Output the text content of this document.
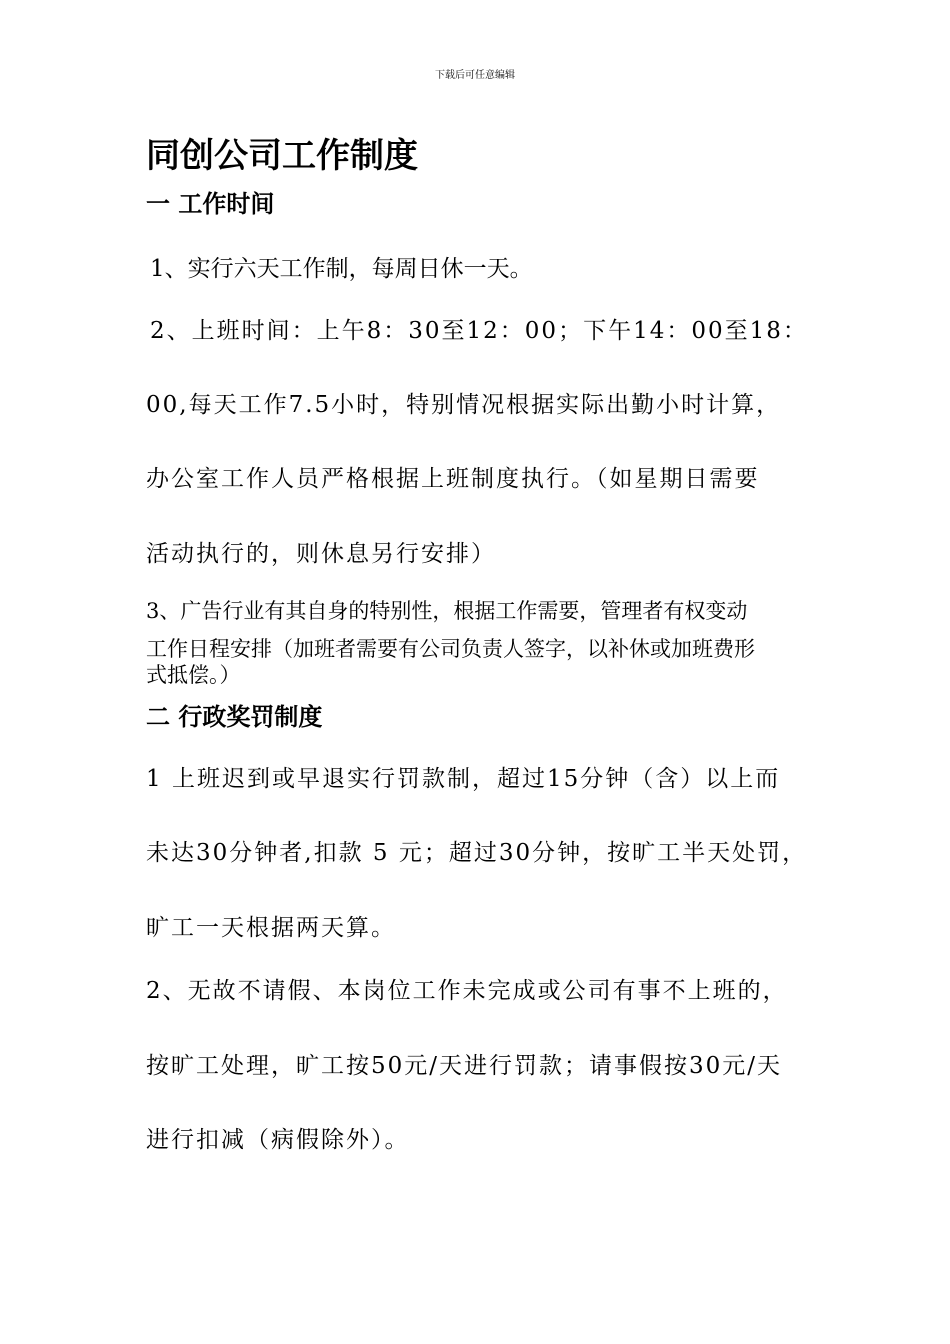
下载后可任意编辑
同创公司工作制度
一 工作时间
1、实行六天工作制，每周日休一天。
2、上班时间：上午8：30至12：00；下午14：00至18：
00,每天工作7.5小时，特别情况根据实际出勤小时计算，
办公室工作人员严格根据上班制度执行。（如星期日需要
活动执行的，则休息另行安排）
3、广告行业有其自身的特别性，根据工作需要，管理者有权变动
工作日程安排（加班者需要有公司负责人签字，以补休或加班费形
式抵偿。）
二 行政奖罚制度
1 上班迟到或早退实行罚款制，超过15分钟（含）以上而
未达30分钟者,扣款 5 元；超过30分钟，按旷工半天处罚，
旷工一天根据两天算。
2、无故不请假、本岗位工作未完成或公司有事不上班的，
按旷工处理，旷工按50元/天进行罚款；请事假按30元/天
进行扣减（病假除外）。
